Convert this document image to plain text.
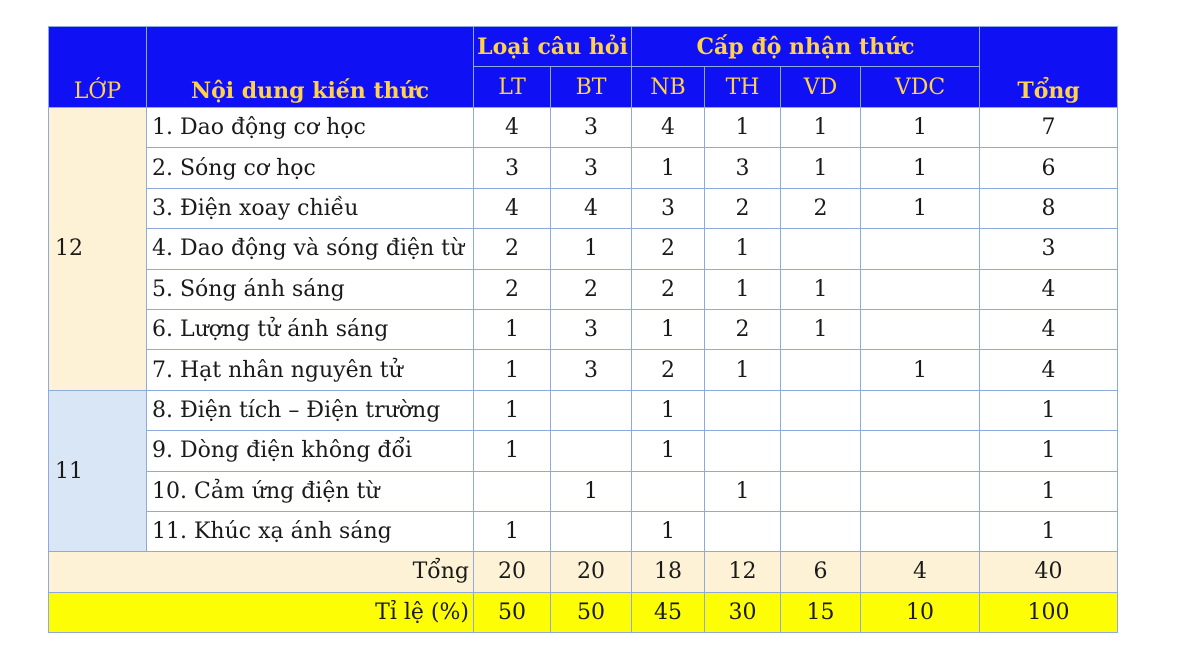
LỚP	Nội dung kiến thức	Loại câu hỏi		Cấp độ nhận thức				Tổng
		LT	BT	NB	TH	VD	VDC	
12	1. Dao động cơ học	4	3	4	1	1	1	7
	2. Sóng cơ học	3	3	1	3	1	1	6
	3. Điện xoay chiều	4	4	3	2	2	1	8
	4. Dao động và sóng điện từ	2	1	2	1			3
	5. Sóng ánh sáng	2	2	2	1	1		4
	6. Lượng tử ánh sáng	1	3	1	2	1		4
	7. Hạt nhân nguyên tử	1	3	2	1		1	4
11	8. Điện tích – Điện trường	1		1				1
	9. Dòng điện không đổi	1		1				1
	10. Cảm ứng điện từ		1		1			1
	11. Khúc xạ ánh sáng	1		1				1
Tổng		20	20	18	12	6	4	40
Tỉ lệ (%)		50	50	45	30	15	10	100
